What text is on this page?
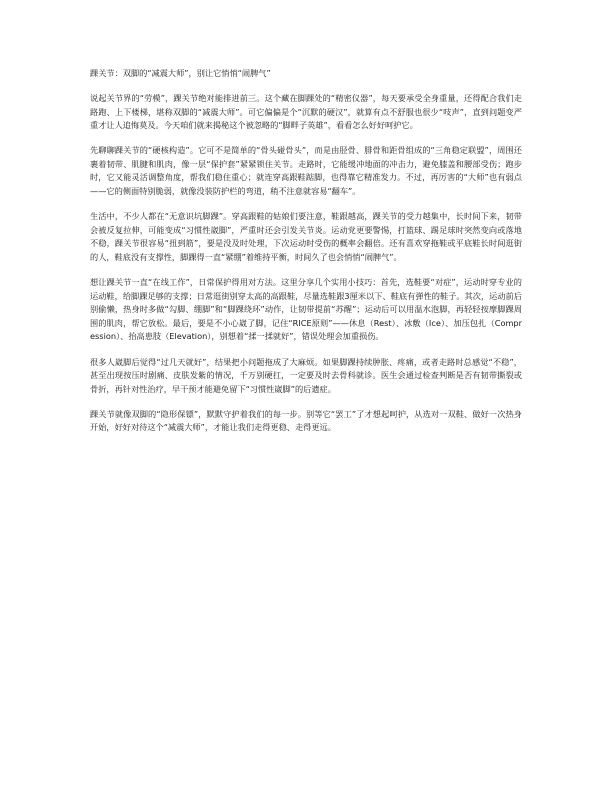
踝关节：双脚的“减震大师”，别让它悄悄“闹脾气”

说起关节界的“劳模”，踝关节绝对能排进前三。这个藏在脚踝处的“精密仪器”，每天要承受全身重量，还得配合我们走路跑、上下楼梯，堪称双脚的“减震大师”。可它偏偏是个“沉默的硬汉”，就算有点不舒服也很少“吱声”，直到问题变严重才让人追悔莫及。今天咱们就来揭秘这个被忽略的“脚畔子英雄”，看看怎么好好呵护它。

先聊聊踝关节的“硬核构造”。它可不是简单的“骨头碰骨头”，而是由胫骨、腓骨和距骨组成的“三角稳定联盟”，周围还裹着韧带、肌腱和肌肉，像一层“保护套”紧紧锁住关节。走路时，它能缓冲地面的冲击力，避免膝盖和腰部受伤；跑步时，它又能灵活调整角度，帮我们稳住重心；就连穿高跟鞋踮脚，也得靠它精准发力。不过，再厉害的“大师”也有弱点——它的侧面特别脆弱，就像没装防护栏的弯道，稍不注意就容易“翻车”。

生活中，不少人都在“无意识坑脚踝”。穿高跟鞋的姑娘们要注意，鞋跟越高，踝关节的受力越集中，长时间下来，韧带会被反复拉伸，可能变成“习惯性崴脚”，严重时还会引发关节炎。运动党更要警惕，打篮球、踢足球时突然变向或落地不稳，踝关节很容易“扭到筋”，要是没及时处理，下次运动时受伤的概率会翻倍。还有喜欢穿拖鞋或平底鞋长时间逛街的人，鞋底没有支撑性，脚踝得一直“紧绷”着维持平衡，时间久了也会悄悄“闹脾气”。

想让踝关节一直“在线工作”，日常保护得用对方法。这里分享几个实用小技巧：首先，选鞋要“对症”，运动时穿专业的运动鞋，给脚踝足够的支撑；日常逛街别穿太高的高跟鞋，尽量选鞋跟3厘米以下、鞋底有弹性的鞋子。其次，运动前后别偷懒，热身时多做“勾脚、绷脚”和“脚踝绕环”动作，让韧带提前“苏醒”；运动后可以用温水泡脚，再轻轻按摩脚踝周围的肌肉，帮它放松。最后，要是不小心崴了脚，记住“RICE原则”——休息（Rest）、冰敷（Ice）、加压包扎（Compression）、抬高患肢（Elevation），别想着“揉一揉就好”，错误处理会加重损伤。

很多人崴脚后觉得“过几天就好”，结果把小问题拖成了大麻烦。如果脚踝持续肿胀、疼痛，或者走路时总感觉“不稳”，甚至出现按压时剧痛、皮肤发紫的情况，千万别硬扛，一定要及时去骨科就诊。医生会通过检查判断是否有韧带撕裂或骨折，再针对性治疗，早干预才能避免留下“习惯性崴脚”的后遗症。

踝关节就像双脚的“隐形保镖”，默默守护着我们的每一步。别等它“罢工”了才想起呵护，从选对一双鞋、做好一次热身开始，好好对待这个“减震大师”，才能让我们走得更稳、走得更远。
